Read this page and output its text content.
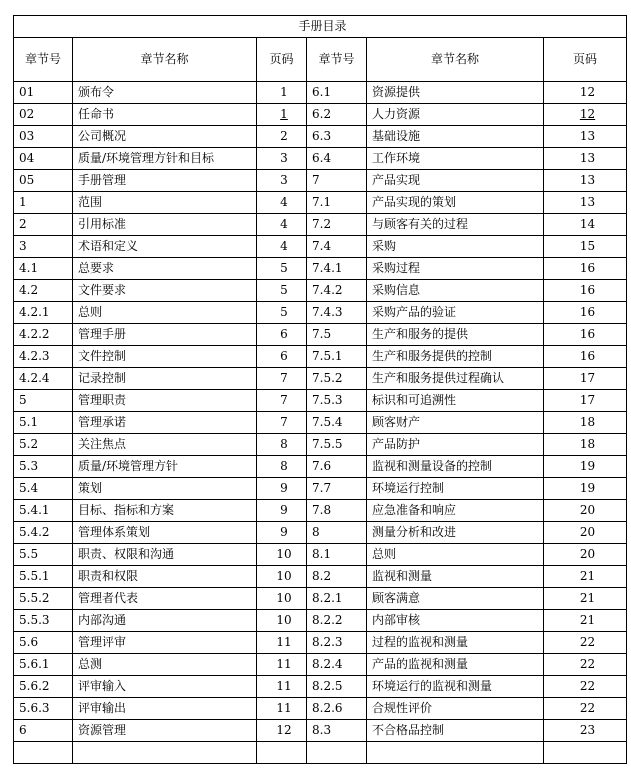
手册目录					
章节号	章节名称	页码	章节号	章节名称	页码
01	颁布令	1	6.1	资源提供	12
02	任命书	1	6.2	人力资源	12
03	公司概况	2	6.3	基础设施	13
04	质量/环境管理方针和目标	3	6.4	工作环境	13
05	手册管理	3	7	产品实现	13
1	范围	4	7.1	产品实现的策划	13
2	引用标准	4	7.2	与顾客有关的过程	14
3	术语和定义	4	7.4	采购	15
4.1	总要求	5	7.4.1	采购过程	16
4.2	文件要求	5	7.4.2	采购信息	16
4.2.1	总则	5	7.4.3	采购产品的验证	16
4.2.2	管理手册	6	7.5	生产和服务的提供	16
4.2.3	文件控制	6	7.5.1	生产和服务提供的控制	16
4.2.4	记录控制	7	7.5.2	生产和服务提供过程确认	17
5	管理职责	7	7.5.3	标识和可追溯性	17
5.1	管理承诺	7	7.5.4	顾客财产	18
5.2	关注焦点	8	7.5.5	产品防护	18
5.3	质量/环境管理方针	8	7.6	监视和测量设备的控制	19
5.4	策划	9	7.7	环境运行控制	19
5.4.1	目标、指标和方案	9	7.8	应急准备和响应	20
5.4.2	管理体系策划	9	8	测量分析和改进	20
5.5	职责、权限和沟通	10	8.1	总则	20
5.5.1	职责和权限	10	8.2	监视和测量	21
5.5.2	管理者代表	10	8.2.1	顾客满意	21
5.5.3	内部沟通	10	8.2.2	内部审核	21
5.6	管理评审	11	8.2.3	过程的监视和测量	22
5.6.1	总测	11	8.2.4	产品的监视和测量	22
5.6.2	评审输入	11	8.2.5	环境运行的监视和测量	22
5.6.3	评审输出	11	8.2.6	合规性评价	22
6	资源管理	12	8.3	不合格品控制	23
